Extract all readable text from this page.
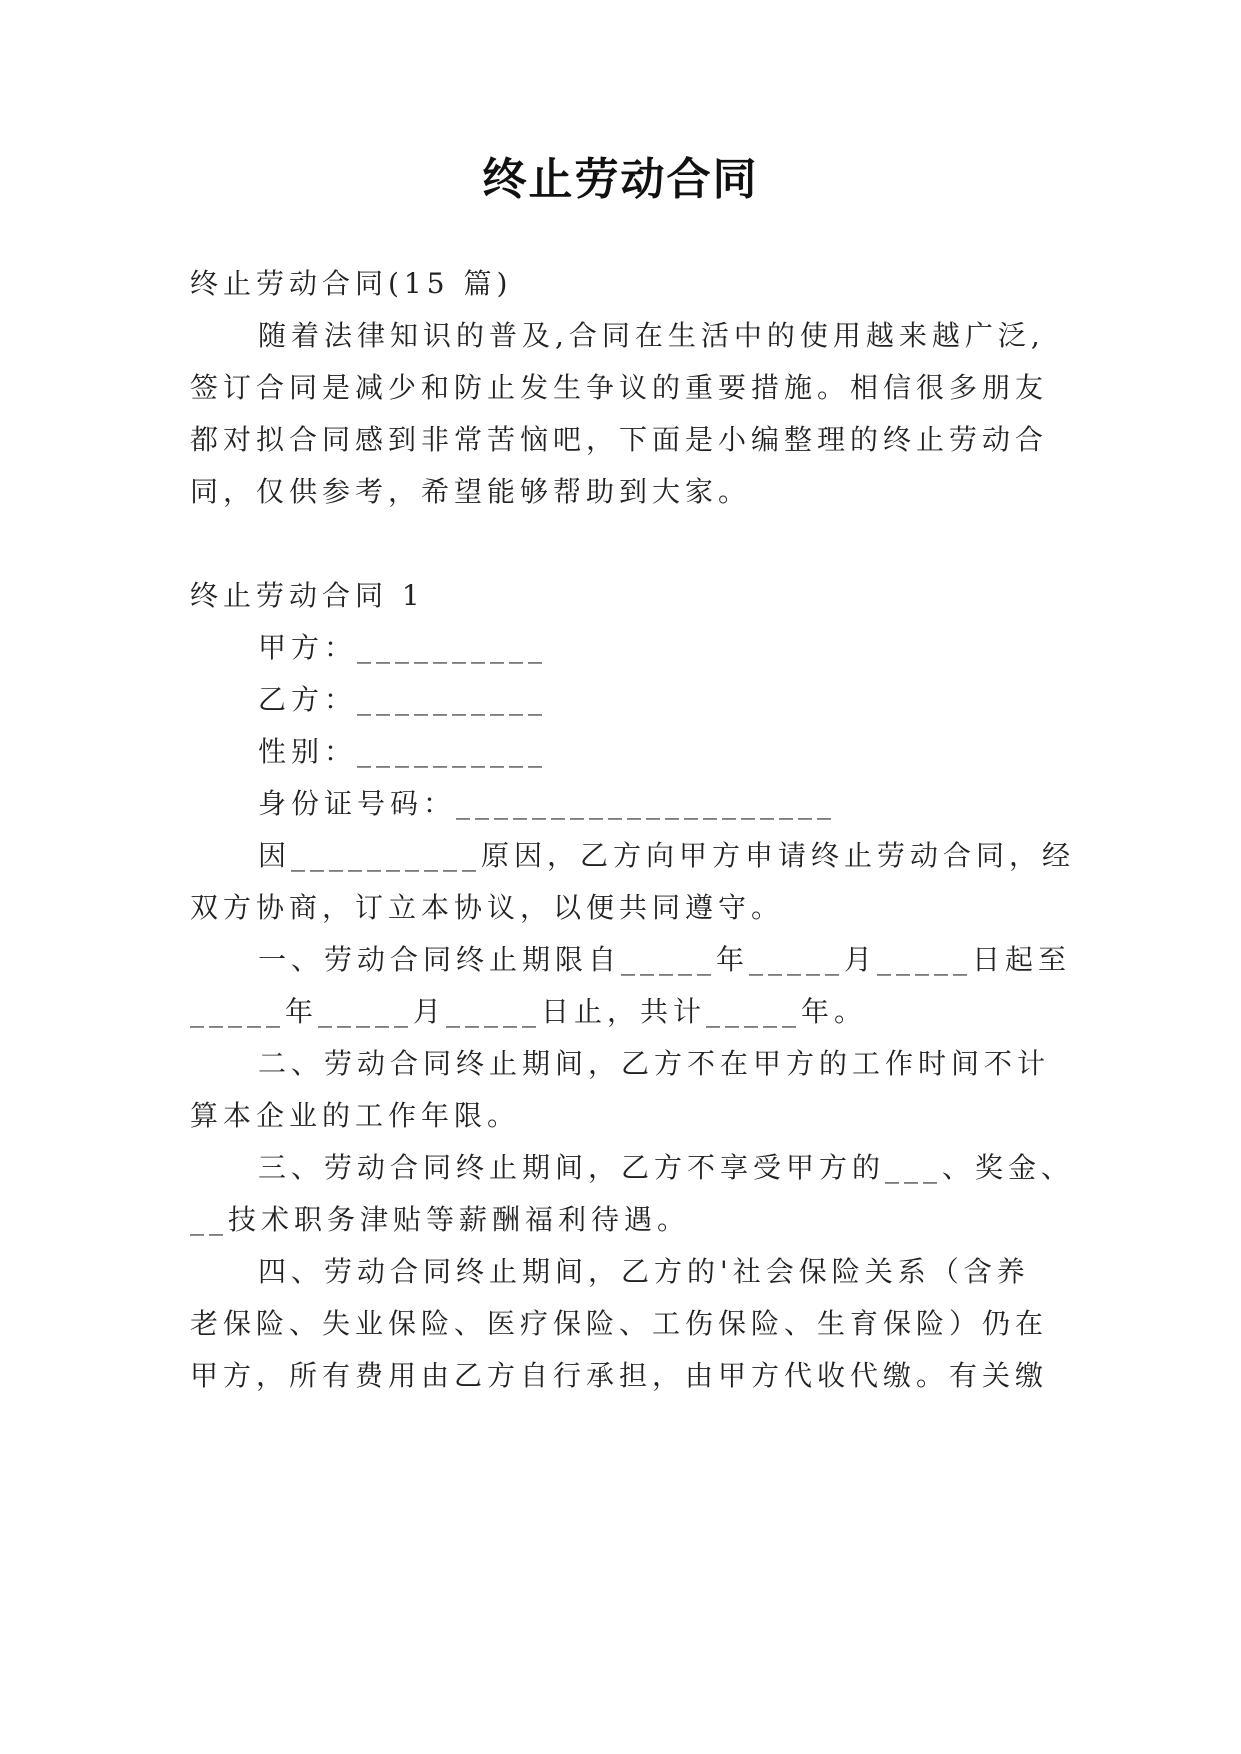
终止劳动合同
终止劳动合同(15 篇)
随着法律知识的普及,合同在生活中的使用越来越广泛,
签订合同是减少和防止发生争议的重要措施。相信很多朋友
都对拟合同感到非常苦恼吧，下面是小编整理的终止劳动合
同，仅供参考，希望能够帮助到大家。
终止劳动合同 1
甲方：__________
乙方：__________
性别：__________
身份证号码：____________________
因__________原因，乙方向甲方申请终止劳动合同，经
双方协商，订立本协议，以便共同遵守。
一、劳动合同终止期限自_____年_____月_____日起至
_____年_____月_____日止，共计_____年。
二、劳动合同终止期间，乙方不在甲方的工作时间不计
算本企业的工作年限。
三、劳动合同终止期间，乙方不享受甲方的___、奖金、
__技术职务津贴等薪酬福利待遇。
四、劳动合同终止期间，乙方的'社会保险关系（含养
老保险、失业保险、医疗保险、工伤保险、生育保险）仍在
甲方，所有费用由乙方自行承担，由甲方代收代缴。有关缴
